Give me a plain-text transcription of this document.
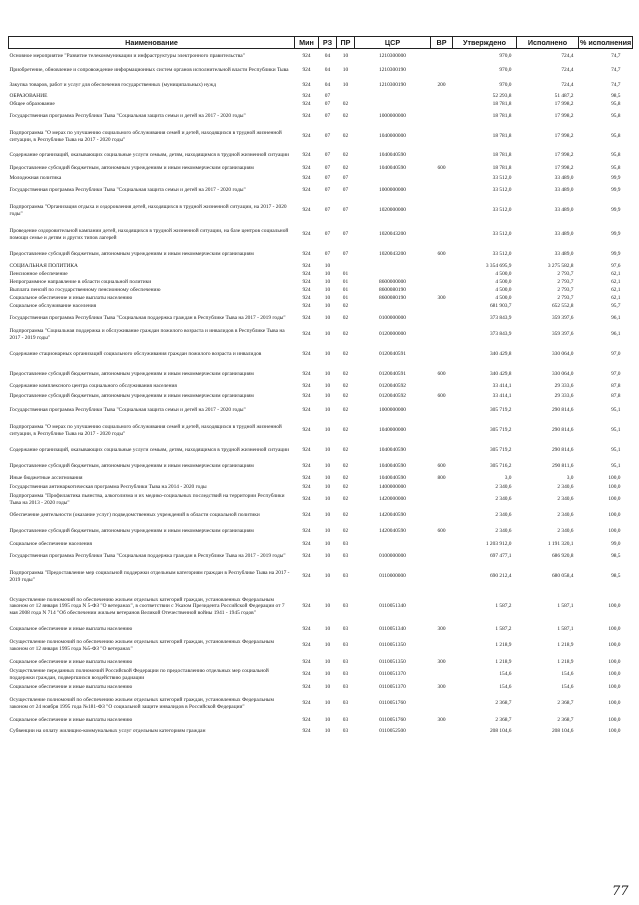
Наименование	Мин	РЗ	ПР	ЦСР	ВР	Утверждено	Исполнено	% исполнения
Основное мероприятие "Развитие телекоммуникации и инфраструктуры электронного правительства"	924	04	10	1210300000		970,0	724,4	74,7
Приобретение, обновление и сопровождение информационных систем органов исполнительной власти Республики Тыва	924	04	10	1210300190		970,0	724,4	74,7
Закупка товаров, работ и услуг для обеспечения государственных (муниципальных) нужд	924	04	10	1210300190	200	970,0	724,4	74,7
ОБРАЗОВАНИЕ	924	07				52 293,8	51 487,2	98,5
Общее образование	924	07	02			18 781,8	17 998,2	95,8
Государственная программа Республики Тыва "Социальная защита семьи и детей на 2017 - 2020 годы"	924	07	02	1000000000		18 781,8	17 998,2	95,8
Подпрограмма "О мерах по улучшению социального обслуживания семей и детей, находящихся в трудной жизненной ситуации, в Республике Тыва на 2017 - 2020 годы"	924	07	02	1040000000		18 781,8	17 998,2	95,8
Содержание организаций, оказывающих социальные услуги семьям, детям, находящимся в трудной жизненной ситуации	924	07	02	1040040590		18 781,8	17 998,2	95,8
Предоставление субсидий бюджетным, автономным учреждениям и иным некоммерческим организациям	924	07	02	1040040590	600	18 781,8	17 998,2	95,8
Молодежная политика	924	07	07			33 512,0	33 489,0	99,9
Государственная программа Республики Тыва "Социальная защита семьи и детей на 2017 - 2020 годы"	924	07	07	1000000000		33 512,0	33 489,0	99,9
Подпрограмма "Организация отдыха и оздоровления детей, находящихся в трудной жизненной ситуации, на 2017 - 2020 годы"	924	07	07	1020000000		33 512,0	33 489,0	99,9
Проведение оздоровительной кампании детей, находящихся в трудной жизненной ситуации, на базе центров социальной помощи семье и детям и других типов лагерей	924	07	07	1020043200		33 512,0	33 489,0	99,9
Предоставление субсидий бюджетным, автономным учреждениям и иным некоммерческим организациям	924	07	07	1020043200	600	33 512,0	33 489,0	99,9
СОЦИАЛЬНАЯ ПОЛИТИКА	924	10				3 354 695,9	3 275 582,8	97,6
Пенсионное обеспечение	924	10	01			4 500,0	2 793,7	62,1
Непрограммное направление в области социальной политики	924	10	01	8600000000		4 500,0	2 793,7	62,1
Выплата пенсий по государственному пенсионному обеспечению	924	10	01	8600080190		4 500,0	2 793,7	62,1
Социальное обеспечение и иные выплаты населению	924	10	01	8600080190	300	4 500,0	2 793,7	62,1
Социальное обслуживание населения	924	10	02			681 903,7	652 552,8	95,7
Государственная программа Республики Тыва "Социальная поддержка граждан в Республике Тыва на 2017 - 2019 годы"	924	10	02	0100000000		373 843,9	359 397,6	96,1
Подпрограмма "Социальная поддержка и обслуживание граждан пожилого возраста и инвалидов в Республике Тыва на 2017 - 2019 годы"	924	10	02	0120000000		373 843,9	359 397,6	96,1
Содержание стационарных организаций социального обслуживания граждан пожилого возраста и инвалидов	924	10	02	0120040591		340 429,8	330 064,0	97,0
Предоставление субсидий бюджетным, автономным учреждениям и иным некоммерческим организациям	924	10	02	0120040591	600	340 429,8	330 064,0	97,0
Содержание комплексного центра социального обслуживания населения	924	10	02	0120040592		33 414,1	29 333,6	87,8
Предоставление субсидий бюджетным, автономным учреждениям и иным некоммерческим организациям	924	10	02	0120040592	600	33 414,1	29 333,6	87,8
Государственная программа Республики Тыва "Социальная защита семьи и детей на 2017 - 2020 годы"	924	10	02	1000000000		305 719,2	290 814,6	95,1
Подпрограмма "О мерах по улучшению социального обслуживания семей и детей, находящихся в трудной жизненной ситуации, в Республике Тыва на 2017 - 2020 годы"	924	10	02	1040000000		305 719,2	290 814,6	95,1
Содержание организаций, оказывающих социальные услуги семьям, детям, находящимся в трудной жизненной ситуации	924	10	02	1040040590		305 719,2	290 814,6	95,1
Предоставление субсидий бюджетным, автономным учреждениям и иным некоммерческим организациям	924	10	02	1040040590	600	305 716,2	290 811,6	95,1
Иные бюджетные ассигнования	924	10	02	1040040590	800	3,0	3,0	100,0
Государственная антинаркотическая программа Республики Тыва на 2014 - 2020 годы	924	10	02	1400000000		2 340,6	2 340,6	100,0
Подпрограмма "Профилактика пьянства, алкоголизма и их медико-социальных последствий на территории Республики Тыва на 2013 - 2020 годы"	924	10	02	1420000000		2 340,6	2 340,6	100,0
Обеспечение деятельности (оказание услуг) подведомственных учреждений в области социальной политики	924	10	02	1420040590		2 340,6	2 340,6	100,0
Предоставление субсидий бюджетным, автономным учреждениям и иным некоммерческим организациям	924	10	02	1420040590	600	2 340,6	2 340,6	100,0
Социальное обеспечение населения	924	10	03			1 203 912,0	1 191 320,1	99,0
Государственная программа Республики Тыва "Социальная поддержка граждан в Республике Тыва на 2017 - 2019 годы"	924	10	03	0100000000		697 477,1	686 920,8	98,5
Подпрограмма "Предоставление мер социальной поддержки отдельным категориям граждан в Республике Тыва на 2017 - 2019 годы"	924	10	03	0110000000		690 212,4	680 058,4	98,5
Осуществление полномочий по обеспечению жильем отдельных категорий граждан, установленных Федеральным законом от 12 января 1995 года N 5-ФЗ "О ветеранах", в соответствии с Указом Президента Российской Федерации от 7 мая 2008 года N 714 "Об обеспечении жильем ветеранов Великой Отечественной войны 1941 - 1945 годов"	924	10	03	0110051340		1 587,2	1 587,1	100,0
Социальное обеспечение и иные выплаты населению	924	10	03	0110051340	300	1 587,2	1 587,1	100,0
Осуществление полномочий по обеспечению жильем отдельных категорий граждан, установленных Федеральным законом от 12 января 1995 года №5-ФЗ "О ветеранах"	924	10	03	0110051350		1 218,9	1 218,9	100,0
Социальное обеспечение и иные выплаты населению	924	10	03	0110051350	300	1 218,9	1 218,9	100,0
Осуществление переданных полномочий Российской Федерации по предоставлению отдельных мер социальной поддержки граждан, подвергшихся воздействию радиации	924	10	03	0110051370		154,6	154,6	100,0
Социальное обеспечение и иные выплаты населению	924	10	03	0110051370	300	154,6	154,6	100,0
Осуществление полномочий по обеспечению жильем отдельных категорий граждан, установленных Федеральным законом от 24 ноября 1995 года №181-ФЗ "О социальной защите инвалидов в Российской Федерации"	924	10	03	0110051760		2 368,7	2 368,7	100,0
Социальное обеспечение и иные выплаты населению	924	10	03	0110051760	300	2 368,7	2 368,7	100,0
Субвенции на оплату жилищно-коммунальных услуг отдельным категориям граждан	924	10	03	0110052500		208 104,6	208 104,6	100,0
77
